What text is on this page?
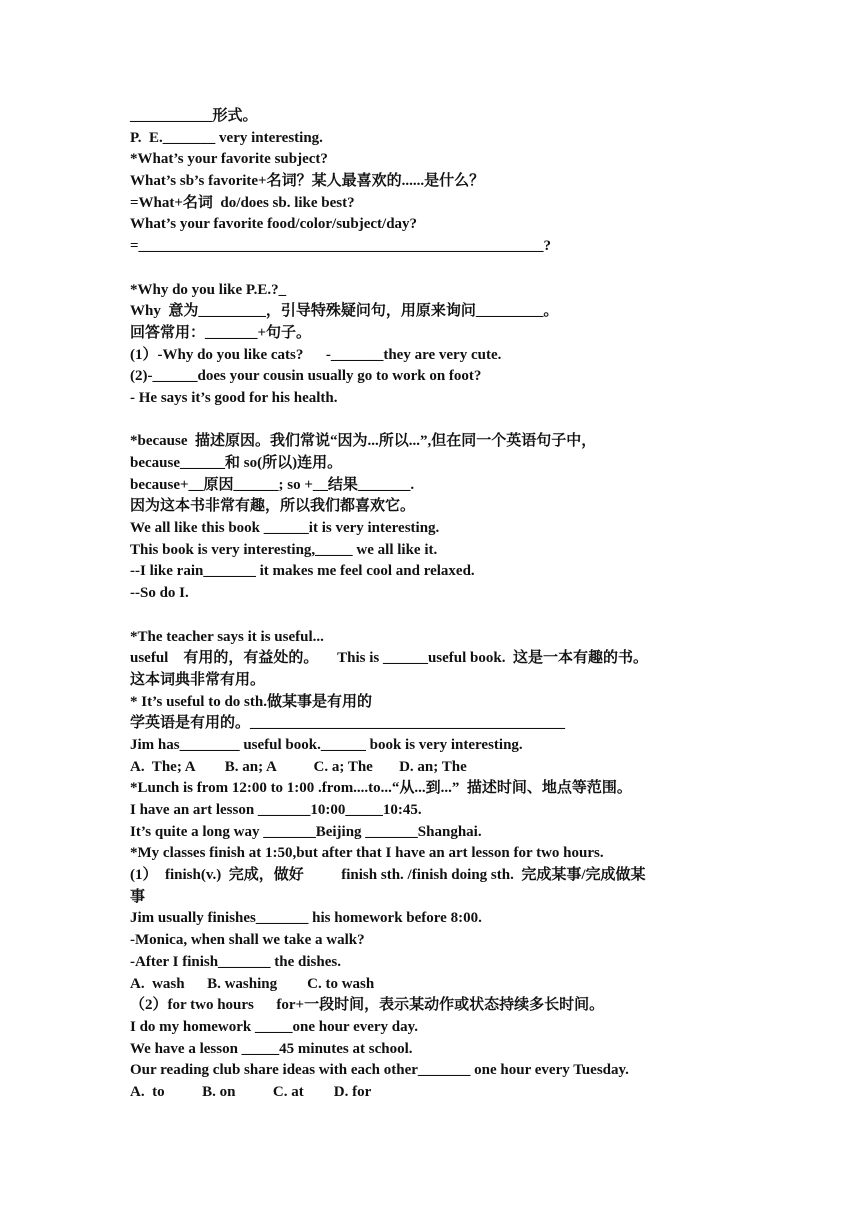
___________形式。
P.  E._______ very interesting.
*What’s your favorite subject?
What’s sb’s favorite+名词？某人最喜欢的......是什么？
=What+名词  do/does sb. like best?
What’s your favorite food/color/subject/day?
=______________________________________________________?
*Why do you like P.E.?_
Why  意为_________，引导特殊疑问句，用原来询问_________。
回答常用：_______+句子。
(1）-Why do you like cats?      -_______they are very cute.
(2)-______does your cousin usually go to work on foot?
- He says it’s good for his health.
*because  描述原因。我们常说“因为...所以...”,但在同一个英语句子中，
because______和 so(所以)连用。
because+__原因______; so +__结果_______.
因为这本书非常有趣，所以我们都喜欢它。
We all like this book ______it is very interesting.
This book is very interesting,_____ we all like it.
--I like rain_______ it makes me feel cool and relaxed.
--So do I.
*The teacher says it is useful...
useful    有用的，有益处的。     This is ______useful book.  这是一本有趣的书。
这本词典非常有用。
* It’s useful to do sth.做某事是有用的
学英语是有用的。__________________________________________
Jim has________ useful book.______ book is very interesting.
A.  The; A        B. an; A          C. a; The       D. an; The
*Lunch is from 12:00 to 1:00 .from....to...“从...到...”  描述时间、地点等范围。
I have an art lesson _______10:00_____10:45.
It’s quite a long way _______Beijing _______Shanghai.
*My classes finish at 1:50,but after that I have an art lesson for two hours.
(1）  finish(v.)  完成，做好          finish sth. /finish doing sth.  完成某事/完成做某
事
Jim usually finishes_______ his homework before 8:00.
-Monica, when shall we take a walk?
-After I finish_______ the dishes.
A.  wash      B. washing        C. to wash
（2）for two hours      for+一段时间，表示某动作或状态持续多长时间。
I do my homework _____one hour every day.
We have a lesson _____45 minutes at school.
Our reading club share ideas with each other_______ one hour every Tuesday.
A.  to          B. on          C. at        D. for
